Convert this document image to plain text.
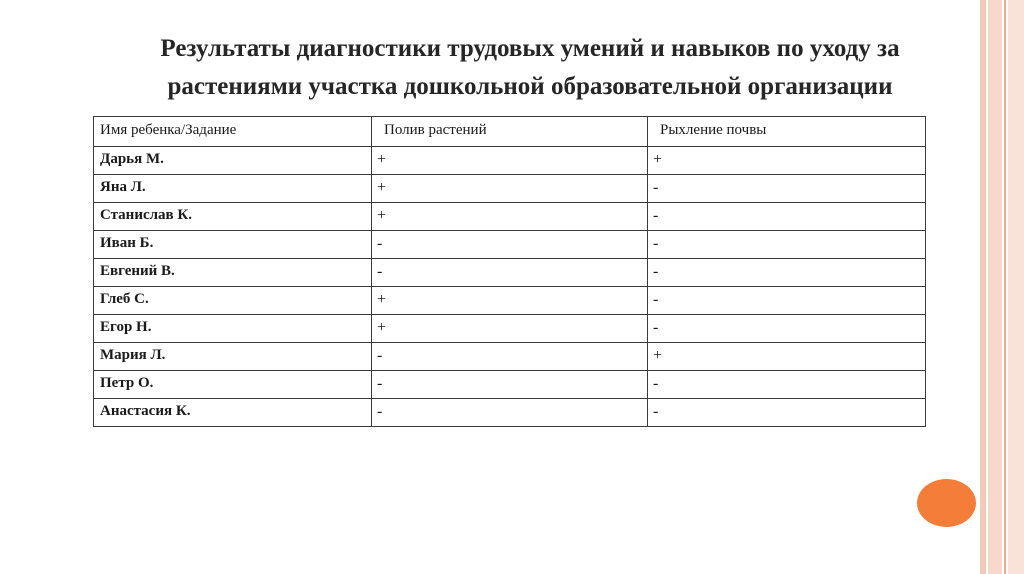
Результаты диагностики трудовых умений и навыков по уходу за
растениями участка дошкольной образовательной организации
Имя ребенка/Задание	Полив растений	Рыхление почвы
Дарья М.	+	+
Яна Л.	+	-
Станислав К.	+	-
Иван Б.	-	-
Евгений В.	-	-
Глеб С.	+	-
Егор Н.	+	-
Мария Л.	-	+
Петр О.	-	-
Анастасия К.	-	-
